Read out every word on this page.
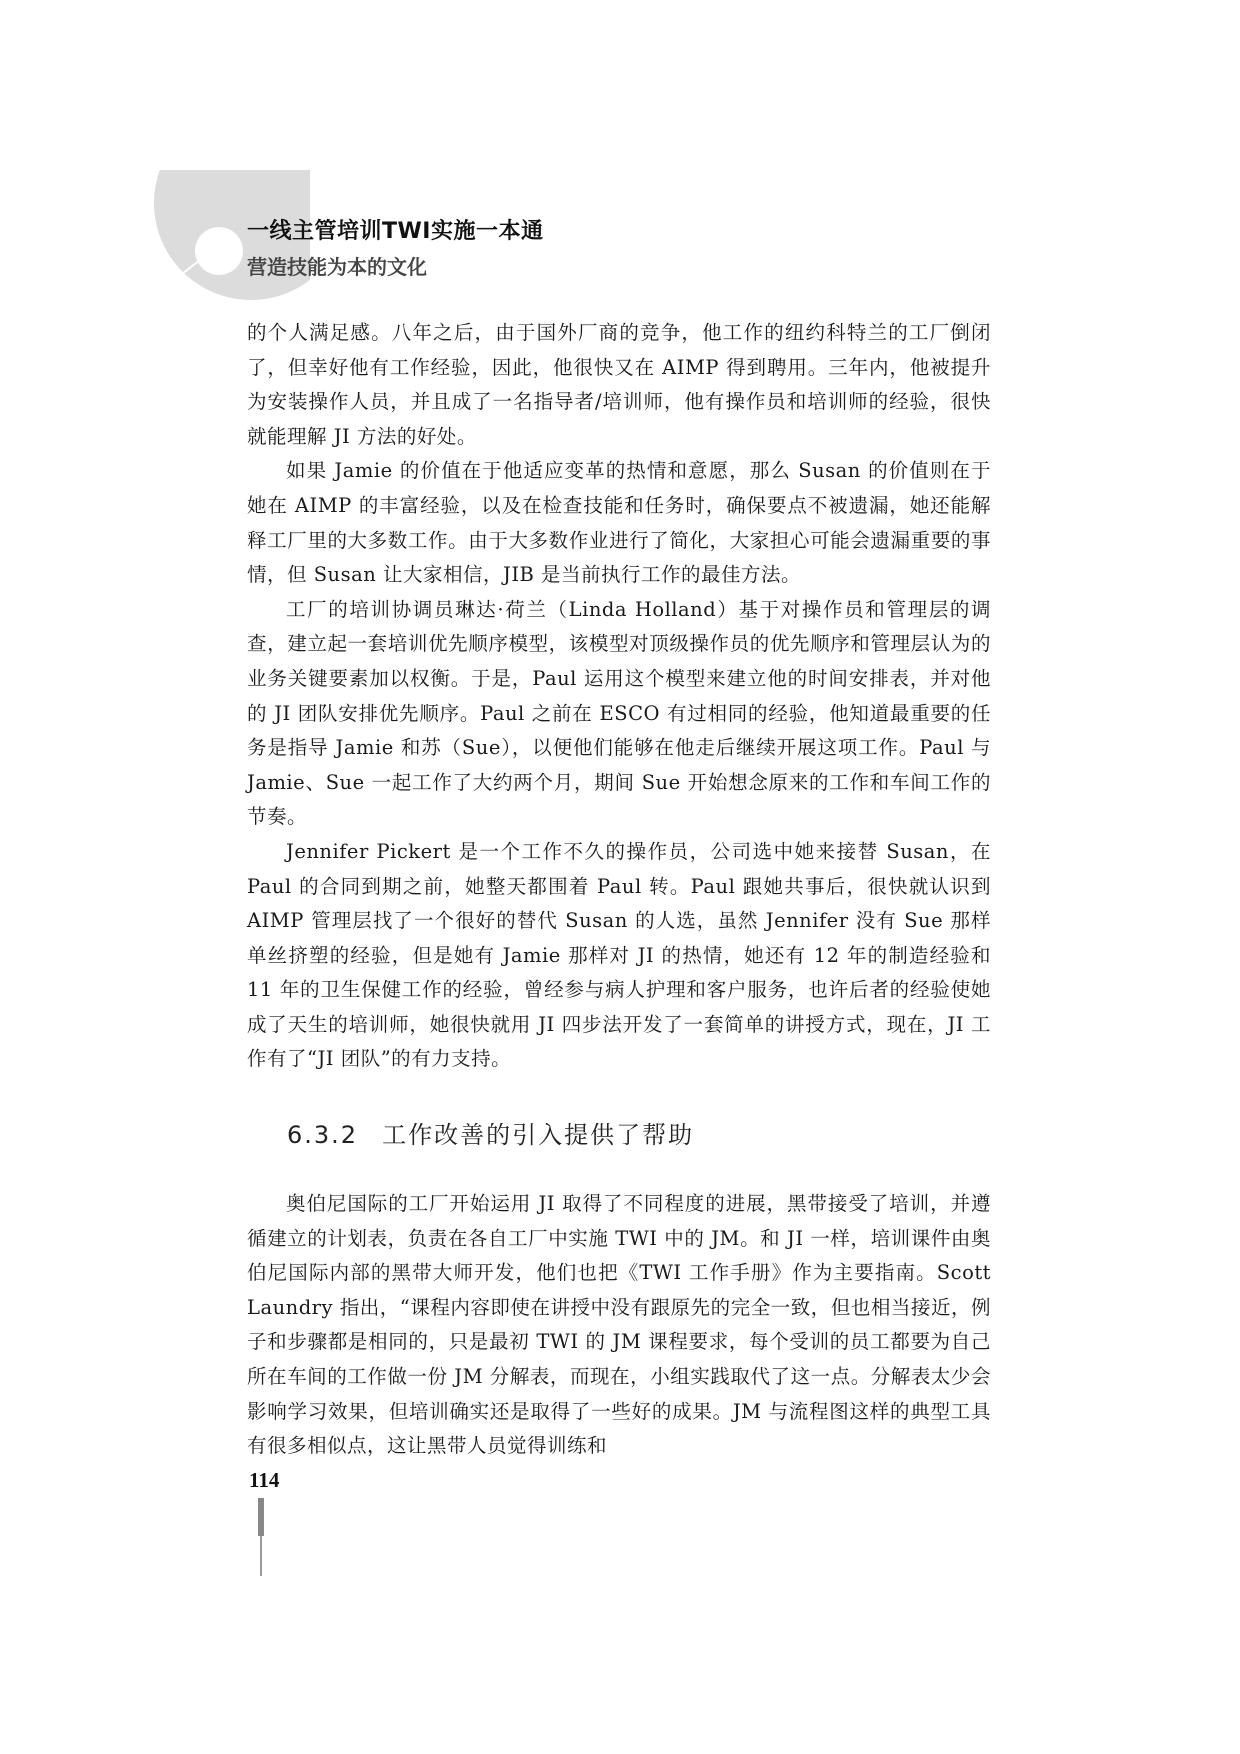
一线主管培训TWI实施一本通
营造技能为本的文化

的个人满足感。八年之后，由于国外厂商的竞争，他工作的纽约科特兰的工厂倒闭了，但幸好他有工作经验，因此，他很快又在 AIMP 得到聘用。三年内，他被提升为安装操作人员，并且成了一名指导者/培训师，他有操作员和培训师的经验，很快就能理解 JI 方法的好处。

如果 Jamie 的价值在于他适应变革的热情和意愿，那么 Susan 的价值则在于她在 AIMP 的丰富经验，以及在检查技能和任务时，确保要点不被遗漏，她还能解释工厂里的大多数工作。由于大多数作业进行了简化，大家担心可能会遗漏重要的事情，但 Susan 让大家相信，JIB 是当前执行工作的最佳方法。

工厂的培训协调员琳达·荷兰（Linda Holland）基于对操作员和管理层的调查，建立起一套培训优先顺序模型，该模型对顶级操作员的优先顺序和管理层认为的业务关键要素加以权衡。于是，Paul 运用这个模型来建立他的时间安排表，并对他的 JI 团队安排优先顺序。Paul 之前在 ESCO 有过相同的经验，他知道最重要的任务是指导 Jamie 和苏（Sue），以便他们能够在他走后继续开展这项工作。Paul 与 Jamie、Sue 一起工作了大约两个月，期间 Sue 开始想念原来的工作和车间工作的节奏。

Jennifer Pickert 是一个工作不久的操作员，公司选中她来接替 Susan，在 Paul 的合同到期之前，她整天都围着 Paul 转。Paul 跟她共事后，很快就认识到 AIMP 管理层找了一个很好的替代 Susan 的人选，虽然 Jennifer 没有 Sue 那样单丝挤塑的经验，但是她有 Jamie 那样对 JI 的热情，她还有 12 年的制造经验和 11 年的卫生保健工作的经验，曾经参与病人护理和客户服务，也许后者的经验使她成了天生的培训师，她很快就用 JI 四步法开发了一套简单的讲授方式，现在，JI 工作有了“JI 团队”的有力支持。

6.3.2 工作改善的引入提供了帮助

奥伯尼国际的工厂开始运用 JI 取得了不同程度的进展，黑带接受了培训，并遵循建立的计划表，负责在各自工厂中实施 TWI 中的 JM。和 JI 一样，培训课件由奥伯尼国际内部的黑带大师开发，他们也把《TWI 工作手册》作为主要指南。Scott Laundry 指出，“课程内容即使在讲授中没有跟原先的完全一致，但也相当接近，例子和步骤都是相同的，只是最初 TWI 的 JM 课程要求，每个受训的员工都要为自己所在车间的工作做一份 JM 分解表，而现在，小组实践取代了这一点。分解表太少会影响学习效果，但培训确实还是取得了一些好的成果。JM 与流程图这样的典型工具有很多相似点，这让黑带人员觉得训练和

114
